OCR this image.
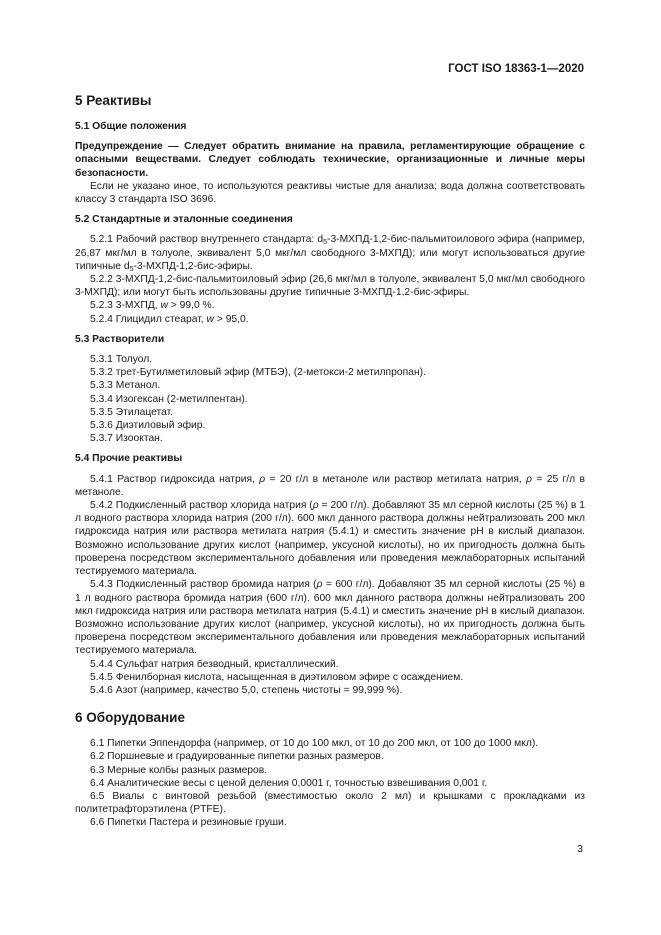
ГОСТ ISO 18363-1—2020
5 Реактивы
5.1 Общие положения

Предупреждение — Следует обратить внимание на правила, регламентирующие обращение с опасными веществами. Следует соблюдать технические, организационные и личные меры безопасности.

Если не указано иное, то используются реактивы чистые для анализа; вода должна соответствовать классу 3 стандарта ISO 3696.

5.2 Стандартные и эталонные соединения

5.2.1 Рабочий раствор внутреннего стандарта: $d_5-3-МХПД-1,2-бис$-пальмитоилового эфира (например, 26,87 мкг/мл в толуоле, эквивалент 5,0 мкг/мл свободного 3-МХПД); или могут использоваться другие типичные $d_5-3-МХПД-1,2-бис$-эфиры.

5.2.2 3-МХПД-1,2-бис-пальмитоиловый эфир (26,6 мкг/мл в толуоле, эквивалент 5,0 мкг/мл свободного 3-МХПД); или могут быть использованы другие типичные 3-МХПД-1,2-бис-эфиры.

5.2.3 3-МХПД, w > 99,0 %.

5.2.4 Глицидил стеарат, w > 95,0.

5.3 Растворители

5.3.1 Толуол.

5.3.2 трет-Бутилметиловый эфир (МТБЭ), (2-метокси-2 метилпропан).

5.3.3 Метанол.

5.3.4 Изогексан (2-метилпентан).

5.3.5 Этилацетат.

5.3.6 Диэтиловый эфир.

5.3.7 Изооктан.

5.4 Прочие реактивы

5.4.1 Раствор гидроксида натрия, ρ = 20 г/л в метаноле или раствор метилата натрия, ρ = 25 г/л в метаноле.

5.4.2 Подкисленный раствор хлорида натрия (ρ = 200 г/л). Добавляют 35 мл серной кислоты (25 %) в 1 л водного раствора хлорида натрия (200 г/л). 600 мкл данного раствора должны нейтрализовать 200 мкл гидроксида натрия или раствора метилата натрия (5.4.1) и сместить значение рН в кислый диапазон. Возможно использование других кислот (например, уксусной кислоты), но их пригодность должна быть проверена посредством экспериментального добавления или проведения межлабораторных испытаний тестируемого материала.

5.4.3 Подкисленный раствор бромида натрия (ρ = 600 г/л). Добавляют 35 мл серной кислоты (25 %) в 1 л водного раствора бромида натрия (600 г/л). 600 мкл данного раствора должны нейтрализовать 200 мкл гидроксида натрия или раствора метилата натрия (5.4.1) и сместить значение рН в кислый диапазон. Возможно использование других кислот (например, уксусной кислоты), но их пригодность должна быть проверена посредством экспериментального добавления или проведения межлабораторных испытаний тестируемого материала.

5.4.4 Сульфат натрия безводный, кристаллический.

5.4.5 Фенилборная кислота, насыщенная в диэтиловом эфире с осаждением.

5.4.6 Азот (например, качество 5,0, степень чистоты = 99,999 %).

6 Оборудование

6.1 Пипетки Эппендорфа (например, от 10 до 100 мкл, от 10 до 200 мкл, от 100 до 1000 мкл).

6.2 Поршневые и градуированные пипетки разных размеров.

6.3 Мерные колбы разных размеров.

6.4 Аналитические весы с ценой деления 0,0001 г, точностью взвешивания 0,001 г.

6.5 Виалы с винтовой резьбой (вместимостью около 2 мл) и крышками с прокладками из политетрафторэтилена (PTFE).

6.6 Пипетки Пастера и резиновые груши.

3
